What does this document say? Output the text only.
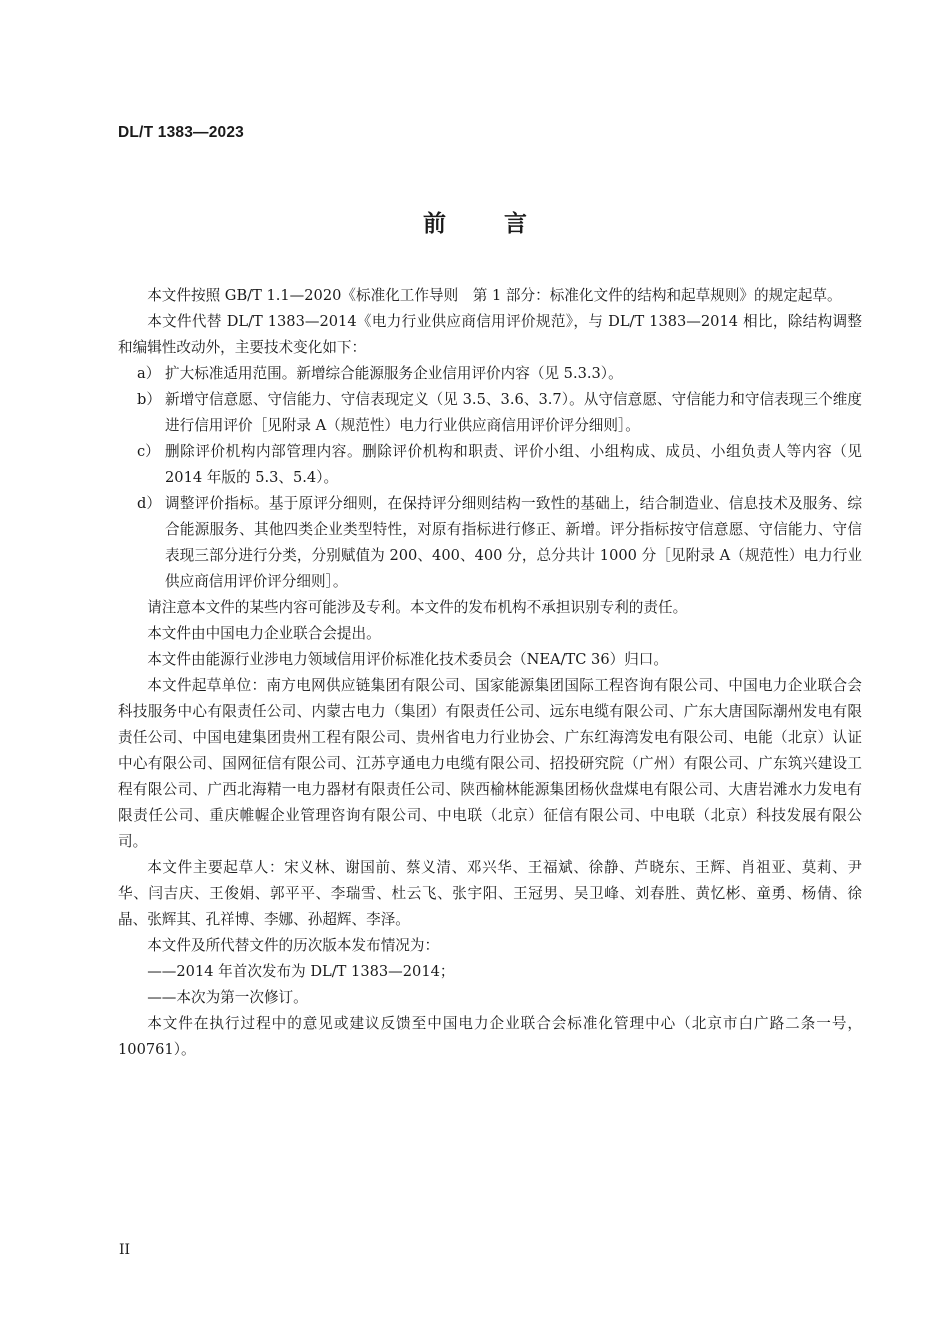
DL/T 1383—2023
前言

本文件按照 GB/T 1.1—2020《标准化工作导则　第 1 部分：标准化文件的结构和起草规则》的规定起草。

本文件代替 DL/T 1383—2014《电力行业供应商信用评价规范》，与 DL/T 1383—2014 相比，除结构调整和编辑性改动外，主要技术变化如下：

a） 扩大标准适用范围。新增综合能源服务企业信用评价内容（见 5.3.3）。
b） 新增守信意愿、守信能力、守信表现定义（见 3.5、3.6、3.7）。从守信意愿、守信能力和守信表现三个维度进行信用评价［见附录 A（规范性）电力行业供应商信用评价评分细则］。
c） 删除评价机构内部管理内容。删除评价机构和职责、评价小组、小组构成、成员、小组负责人等内容（见 2014 年版的 5.3、5.4）。
d） 调整评价指标。基于原评分细则，在保持评分细则结构一致性的基础上，结合制造业、信息技术及服务、综合能源服务、其他四类企业类型特性，对原有指标进行修正、新增。评分指标按守信意愿、守信能力、守信表现三部分进行分类，分别赋值为 200、400、400 分，总分共计 1000 分［见附录 A（规范性）电力行业供应商信用评价评分细则］。

请注意本文件的某些内容可能涉及专利。本文件的发布机构不承担识别专利的责任。

本文件由中国电力企业联合会提出。

本文件由能源行业涉电力领域信用评价标准化技术委员会（NEA/TC 36）归口。

本文件起草单位：南方电网供应链集团有限公司、国家能源集团国际工程咨询有限公司、中国电力企业联合会科技服务中心有限责任公司、内蒙古电力（集团）有限责任公司、远东电缆有限公司、广东大唐国际潮州发电有限责任公司、中国电建集团贵州工程有限公司、贵州省电力行业协会、广东红海湾发电有限公司、电能（北京）认证中心有限公司、国网征信有限公司、江苏亨通电力电缆有限公司、招投研究院（广州）有限公司、广东筑兴建设工程有限公司、广西北海精一电力器材有限责任公司、陕西榆林能源集团杨伙盘煤电有限公司、大唐岩滩水力发电有限责任公司、重庆帷幄企业管理咨询有限公司、中电联（北京）征信有限公司、中电联（北京）科技发展有限公司。

本文件主要起草人：宋义林、谢国前、蔡义清、邓兴华、王福斌、徐静、芦晓东、王辉、肖祖亚、莫莉、尹华、闫吉庆、王俊娟、郭平平、李瑞雪、杜云飞、张宇阳、王冠男、吴卫峰、刘春胜、黄忆彬、童勇、杨倩、徐晶、张辉其、孔祥博、李娜、孙超辉、李泽。

本文件及所代替文件的历次版本发布情况为：

——2014 年首次发布为 DL/T 1383—2014；

——本次为第一次修订。

本文件在执行过程中的意见或建议反馈至中国电力企业联合会标准化管理中心（北京市白广路二条一号，100761）。

II
